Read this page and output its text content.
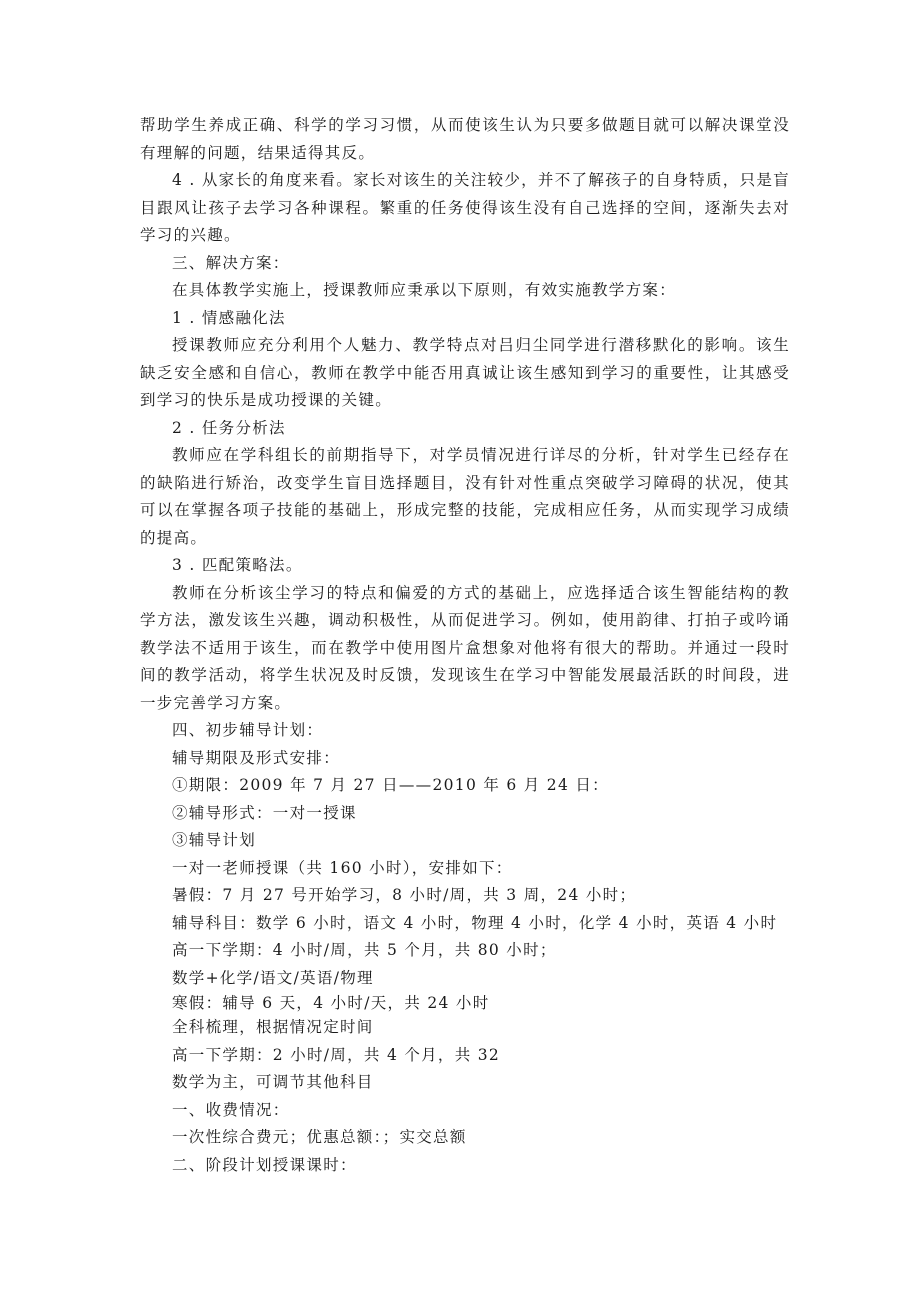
帮助学生养成正确、科学的学习习惯，从而使该生认为只要多做题目就可以解决课堂没有理解的问题，结果适得其反。

4 . 从家长的角度来看。家长对该生的关注较少，并不了解孩子的自身特质，只是盲目跟风让孩子去学习各种课程。繁重的任务使得该生没有自己选择的空间，逐渐失去对学习的兴趣。

三、解决方案：

在具体教学实施上，授课教师应秉承以下原则，有效实施教学方案：

1 . 情感融化法

授课教师应充分利用个人魅力、教学特点对吕归尘同学进行潜移默化的影响。该生缺乏安全感和自信心，教师在教学中能否用真诚让该生感知到学习的重要性，让其感受到学习的快乐是成功授课的关键。

2 . 任务分析法

教师应在学科组长的前期指导下，对学员情况进行详尽的分析，针对学生已经存在的缺陷进行矫治，改变学生盲目选择题目，没有针对性重点突破学习障碍的状况，使其可以在掌握各项子技能的基础上，形成完整的技能，完成相应任务，从而实现学习成绩的提高。

3 . 匹配策略法。

教师在分析该尘学习的特点和偏爱的方式的基础上，应选择适合该生智能结构的教学方法，激发该生兴趣，调动积极性，从而促进学习。例如，使用韵律、打拍子或吟诵教学法不适用于该生，而在教学中使用图片盒想象对他将有很大的帮助。并通过一段时间的教学活动，将学生状况及时反馈，发现该生在学习中智能发展最活跃的时间段，进一步完善学习方案。

四、初步辅导计划：

辅导期限及形式安排：

①期限：2009 年 7 月 27 日——2010 年 6 月 24 日：

②辅导形式：一对一授课

③辅导计划

一对一老师授课（共 160 小时），安排如下：

暑假：7 月 27 号开始学习，8 小时/周，共 3 周，24 小时；

辅导科目：数学 6 小时，语文 4 小时，物理 4 小时，化学 4 小时，英语 4 小时

高一下学期：4 小时/周，共 5 个月，共 80 小时；

数学+化学/语文/英语/物理

寒假：辅导 6 天，4 小时/天，共 24 小时

全科梳理，根据情况定时间

高一下学期：2 小时/周，共 4 个月，共 32

数学为主，可调节其他科目

一、收费情况：

一次性综合费元；优惠总额：；实交总额

二、阶段计划授课课时：
